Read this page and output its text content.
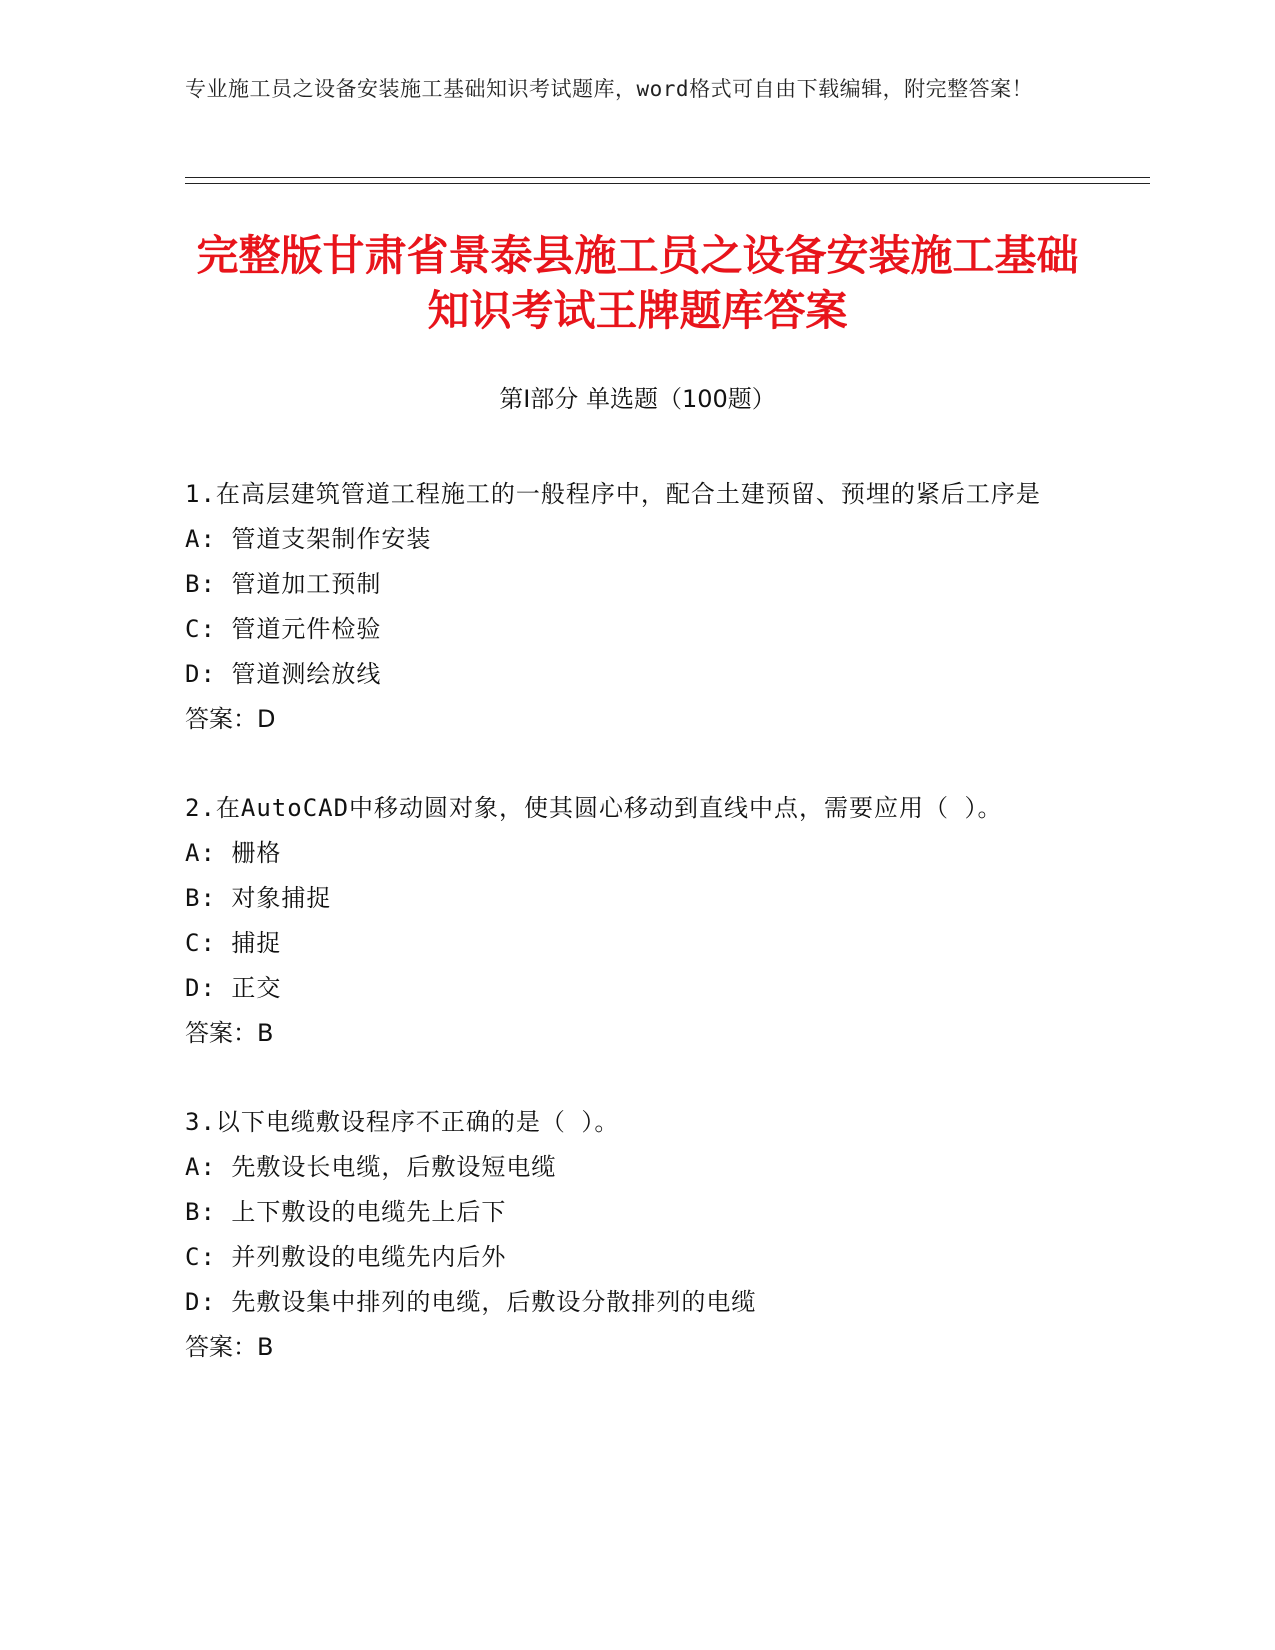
专业施工员之设备安装施工基础知识考试题库，word格式可自由下载编辑，附完整答案！
完整版甘肃省景泰县施工员之设备安装施工基础知识考试王牌题库答案
第Ⅰ部分 单选题（100题）

1.在高层建筑管道工程施工的一般程序中，配合土建预留、预埋的紧后工序是

A: 管道支架制作安装

B: 管道加工预制

C: 管道元件检验

D: 管道测绘放线

答案：D

2.在AutoCAD中移动圆对象，使其圆心移动到直线中点，需要应用（ ）。

A: 栅格

B: 对象捕捉

C: 捕捉

D: 正交

答案：B

3.以下电缆敷设程序不正确的是（ ）。

A: 先敷设长电缆，后敷设短电缆

B: 上下敷设的电缆先上后下

C: 并列敷设的电缆先内后外

D: 先敷设集中排列的电缆，后敷设分散排列的电缆

答案：B
